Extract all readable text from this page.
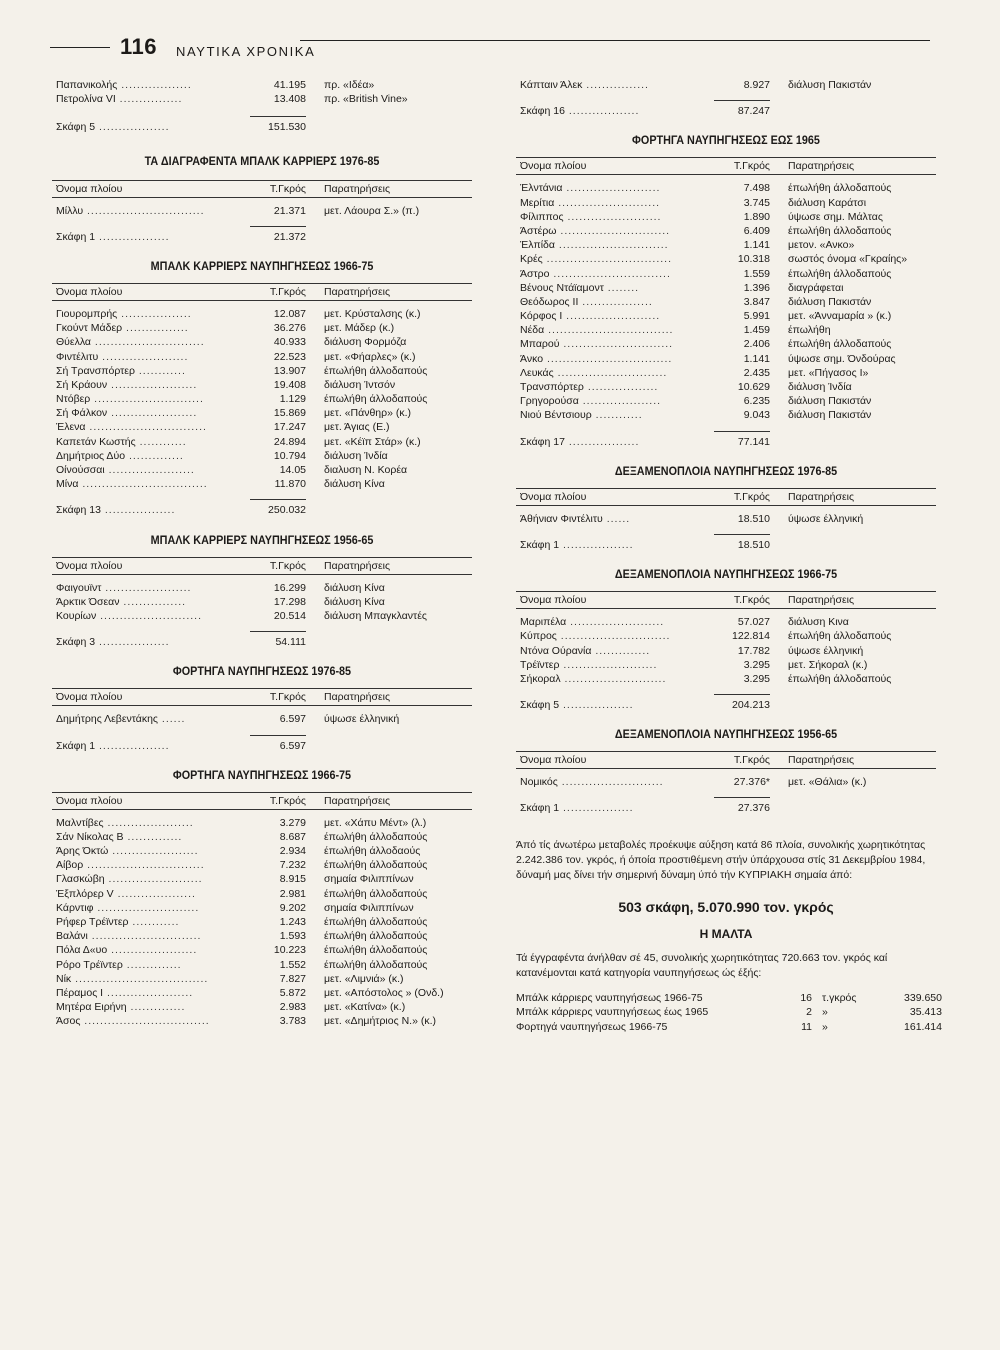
116 ΝΑΥΤΙΚΑ ΧΡΟΝΙΚΑ
Παπανικολής ..................	41.195 πρ. «Ιδέα»
Πετρολίνα VI ................	13.408 πρ. «British Vine»
Σκάφη 5 ..................	151.530
ΤΑ ΔΙΑΓΡΑΦΕΝΤΑ ΜΠΑΛΚ ΚΑΡΡΙΕΡΣ 1976-85
Όνομα πλοίου	Τ.Γκρός Παρατηρήσεις
Μίλλυ ..............................	21.371 μετ. Λάουρα Σ.» (π.)
Σκάφη 1 ..................	21.372
ΜΠΑΛΚ ΚΑΡΡΙΕΡΣ ΝΑΥΠΗΓΗΣΕΩΣ 1966-75
Όνομα πλοίου	Τ.Γκρός Παρατηρήσεις
Γιουρομπρής ..................	12.087 μετ. Κρύσταλσης (κ.)
Γκούντ Μάδερ ................	36.276 μετ. Μάδερ (κ.)
Θύελλα ............................	40.933 διάλυση Φορμόζα
Φιντέλιτυ ......................	22.523 μετ. «Φήαρλες» (κ.)
Σή Τρανσπόρτερ ............	13.907 έπωλήθη άλλοδαπούς
Σή Κράουν ......................	19.408 διάλυση Ίντσόν
Ντόβερ ............................	1.129 έπωλήθη άλλοδαπούς
Σή Φάλκον ......................	15.869 μετ. «Πάνθηρ» (κ.)
Έλενα ..............................	17.247 μετ. Άγιας (Ε.)
Καπετάν Κωστής ............	24.894 μετ. «Κέϊπ Στάρ» (κ.)
Δημήτριος Δύο ..............	10.794 διάλυση Ίνδία
Οίνούσσαι ......................	14.05 διαλυση Ν. Κορέα
Μίνα ................................	11.870 διάλυση Κίνα
Σκάφη 13 ..................	250.032
ΜΠΑΛΚ ΚΑΡΡΙΕΡΣ ΝΑΥΠΗΓΗΣΕΩΣ 1956-65
Όνομα πλοίου	Τ.Γκρός Παρατηρήσεις
Φαιγουϊντ ......................	16.299 διάλυση Κίνα
Άρκτικ Όσεαν ................	17.298 διάλυση Κίνα
Κουρίων ..........................	20.514 διάλυση Μπαγκλαντές
Σκάφη 3 ..................	54.111
ΦΟΡΤΗΓΑ ΝΑΥΠΗΓΗΣΕΩΣ 1976-85
Όνομα πλοίου	Τ.Γκρός Παρατηρήσεις
Δημήτρης Λεβεντάκης ......	6.597 ύψωσε έλληνική
Σκάφη 1 ..................	6.597
ΦΟΡΤΗΓΑ ΝΑΥΠΗΓΗΣΕΩΣ 1966-75
Όνομα πλοίου	Τ.Γκρός Παρατηρήσεις
Μαλντίβες ......................	3.279 μετ. «Χάπυ Μέντ» (λ.)
Σάν Νίκολας Β ..............	8.687 έπωλήθη άλλοδαπούς
Άρης Όκτώ ......................	2.934 έπωλήθη άλλοδαούς
Αίβορ ..............................	7.232 έπωλήθη άλλοδαπούς
Γλασκώβη ........................	8.915 σημαία Φιλιππίνων
Έξπλόρερ V ....................	2.981 έπωλήθη άλλοδαπούς
Κάρντιφ ..........................	9.202 σημαία Φιλιππίνων
Ρήφερ Τρέϊντερ ............	1.243 έπωλήθη άλλοδαπούς
Βαλάνι ............................	1.593 έπωλήθη άλλοδαπούς
Πόλα Δ«υο ......................	10.223 έπωλήθη άλλοδαπούς
Ρόρο Τρέϊντερ ..............	1.552 έπωλήθη άλλοδαπούς
Νίκ ..................................	7.827 μετ. «Λιμνιά» (κ.)
Πέραμος Ι ......................	5.872 μετ. «Απόστολος » (Ονδ.)
Μητέρα Ειρήνη ..............	2.983 μετ. «Κατίνα» (κ.)
Άσος ................................	3.783 μετ. «Δημήτριος Ν.» (κ.)
Κάπταιν Άλεκ ................	8.927 διάλυση Πακιστάν
Σκάφη 16 ..................	87.247
ΦΟΡΤΗΓΑ ΝΑΥΠΗΓΗΣΕΩΣ ΕΩΣ 1965
Όνομα πλοίου	Τ.Γκρός Παρατηρήσεις
Έλντάνια ........................	7.498 έπωλήθη άλλοδαπούς
Μερίτια ..........................	3.745 διάλυση Καράτσι
Φίλιππος ........................	1.890 ύψωσε σημ. Μάλτας
Άστέρω ............................	6.409 έπωλήθη άλλοδαπούς
Έλπίδα ............................	1.141 μετον. «Ανκο»
Κρές ................................	10.318 σωστός όνομα «Γκραίης»
Άστρο ..............................	1.559 έπωλήθη άλλοδαπούς
Βένους Ντάϊαμοντ ........	1.396 διαγράφεται
Θεόδωρος ΙΙ ..................	3.847 διάλυση Πακιστάν
Κόρφος Ι ........................	5.991 μετ. «Άνναμαρία » (κ.)
Νέδα ................................	1.459 έπωλήθη
Μπαρού ............................	2.406 έπωλήθη άλλοδαπούς
Άνκο ................................	1.141 ύψωσε σημ. Όνδούρας
Λευκάς ............................	2.435 μετ. «Πήγασος Ι»
Τρανσπόρτερ ..................	10.629 διάλυση Ίνδία
Γρηγορούσα ....................	6.235 διάλυση Πακιστάν
Νιού Βέντσιουρ ............	9.043 διάλυση Πακιστάν
Σκάφη 17 ..................	77.141
ΔΕΞΑΜΕΝΟΠΛΟΙΑ ΝΑΥΠΗΓΗΣΕΩΣ 1976-85
Όνομα πλοίου	Τ.Γκρός Παρατηρήσεις
Άθήνιαν Φιντέλιτυ ......	18.510 ύψωσε έλληνική
Σκάφη 1 ..................	18.510
ΔΕΞΑΜΕΝΟΠΛΟΙΑ ΝΑΥΠΗΓΗΣΕΩΣ 1966-75
Όνομα πλοίου	Τ.Γκρός Παρατηρήσεις
Μαριπέλα ........................	57.027 διάλυση Κινα
Κύπρος ............................	122.814 έπωλήθη άλλοδαπούς
Ντόνα Ούρανία ..............	17.782 ύψωσε έλληνική
Τρέϊντερ ........................	3.295 μετ. Σήκοραλ (κ.)
Σήκοραλ ..........................	3.295 έπωλήθη άλλοδαπούς
Σκάφη 5 ..................	204.213
ΔΕΞΑΜΕΝΟΠΛΟΙΑ ΝΑΥΠΗΓΗΣΕΩΣ 1956-65
Όνομα πλοίου	Τ.Γκρός Παρατηρήσεις
Νομικός ..........................	27.376* μετ. «Θάλια» (κ.)
Σκάφη 1 ..................	27.376
Άπό τίς άνωτέρω μεταβολές προέκυψε αύξηση κατά 86 πλοία, συνολικής χωρητικότητας 2.242.386 τον. γκρός, ή όποία προστιθέμενη στήν ύπάρχουσα στίς 31 Δεκεμβρίου 1984, δύναμή μας δίνει τήν σημερινή δύναμη ύπό τήν ΚΥΠΡΙΑΚΗ σημαία άπό:
503 σκάφη, 5.070.990 τον. γκρός
Η ΜΑΛΤΑ
Τά έγγραφέντα άνήλθαν σέ 45, συνολικής χωρητικότητας 720.663 τον. γκρός καί κατανέμονται κατά κατηγορία ναυπηγήσεως ώς έξής:
Μπάλκ κάρριερς ναυπηγήσεως 1966-75	16 τ.γκρός	339.650
Μπάλκ κάρριερς ναυπηγήσεως έως 1965	2 »	35.413
Φορτηγά ναυπηγήσεως 1966-75	11 »	161.414
